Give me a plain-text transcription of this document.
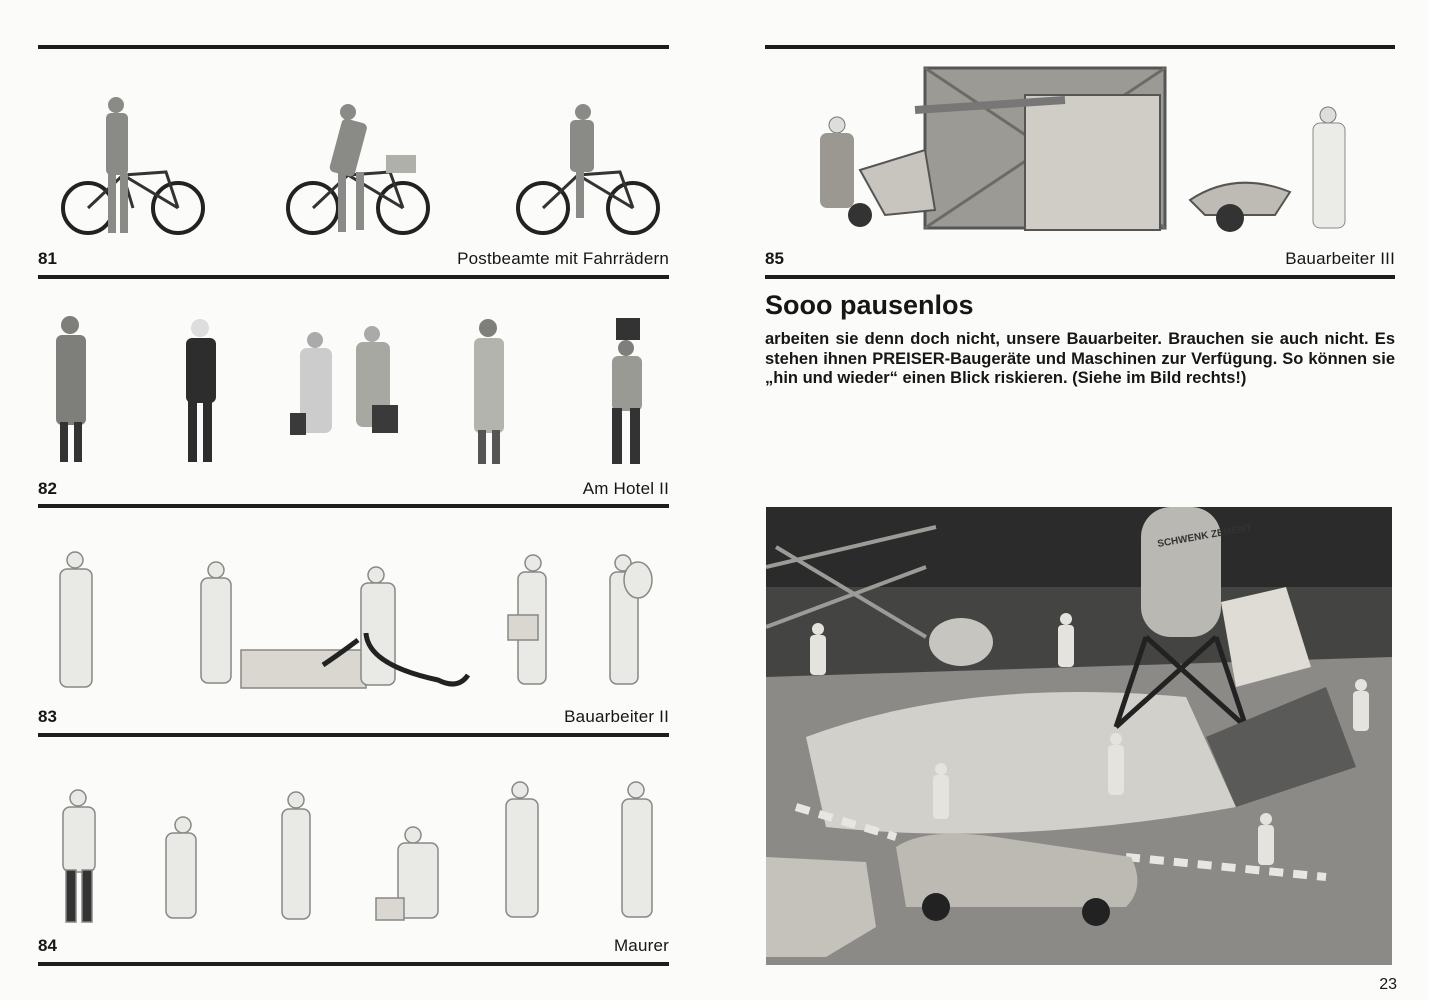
81	Postbeamte mit Fahrrädern
82	Am Hotel II
83	Bauarbeiter II
84	Maurer
85	Bauarbeiter III
Sooo pausenlos

arbeiten sie denn doch nicht, unsere Bauarbeiter. Brauchen sie auch nicht. Es stehen ihnen PREISER-Baugeräte und Maschinen zur Verfügung. So können sie „hin und wieder“ einen Blick riskieren. (Siehe im Bild rechts!)

SCHWENK ZEMENT
23
